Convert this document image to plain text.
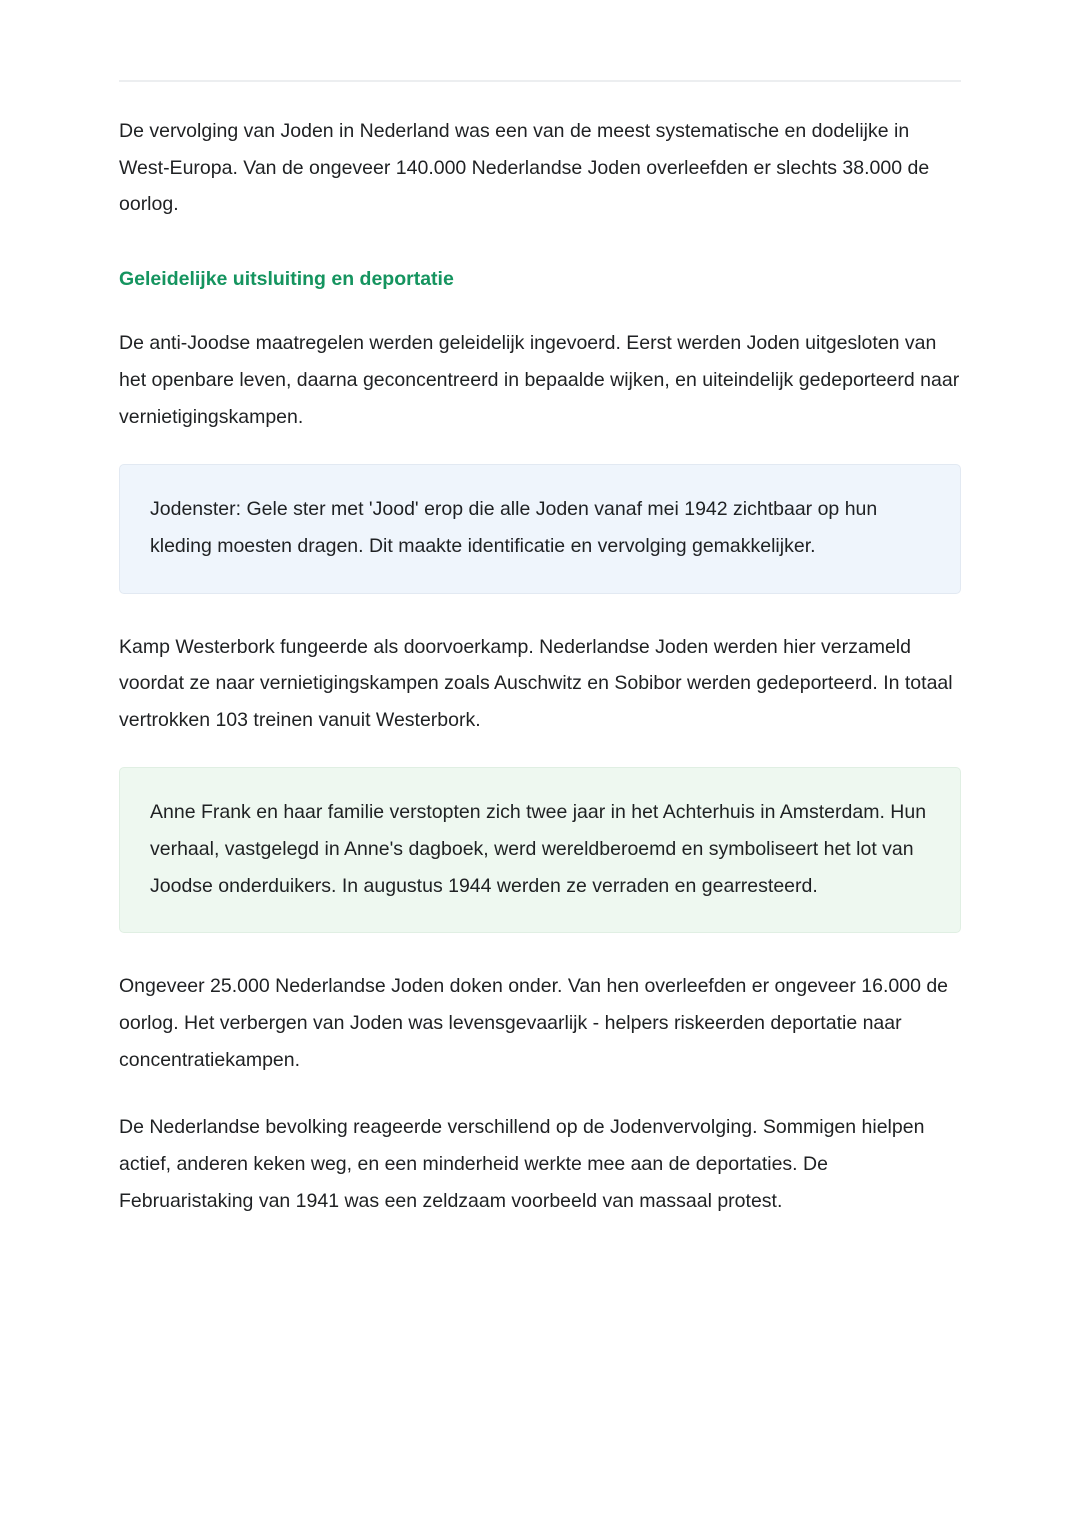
De vervolging van Joden in Nederland was een van de meest systematische en dodelijke in West-Europa. Van de ongeveer 140.000 Nederlandse Joden overleefden er slechts 38.000 de oorlog.

Geleidelijke uitsluiting en deportatie

De anti-Joodse maatregelen werden geleidelijk ingevoerd. Eerst werden Joden uitgesloten van het openbare leven, daarna geconcentreerd in bepaalde wijken, en uiteindelijk gedeporteerd naar vernietigingskampen.

Jodenster: Gele ster met 'Jood' erop die alle Joden vanaf mei 1942 zichtbaar op hun kleding moesten dragen. Dit maakte identificatie en vervolging gemakkelijker.

Kamp Westerbork fungeerde als doorvoerkamp. Nederlandse Joden werden hier verzameld voordat ze naar vernietigingskampen zoals Auschwitz en Sobibor werden gedeporteerd. In totaal vertrokken 103 treinen vanuit Westerbork.

Anne Frank en haar familie verstopten zich twee jaar in het Achterhuis in Amsterdam. Hun verhaal, vastgelegd in Anne's dagboek, werd wereldberoemd en symboliseert het lot van Joodse onderduikers. In augustus 1944 werden ze verraden en gearresteerd.

Ongeveer 25.000 Nederlandse Joden doken onder. Van hen overleefden er ongeveer 16.000 de oorlog. Het verbergen van Joden was levensgevaarlijk - helpers riskeerden deportatie naar concentratiekampen.

De Nederlandse bevolking reageerde verschillend op de Jodenvervolging. Sommigen hielpen actief, anderen keken weg, en een minderheid werkte mee aan de deportaties. De Februaristaking van 1941 was een zeldzaam voorbeeld van massaal protest.
